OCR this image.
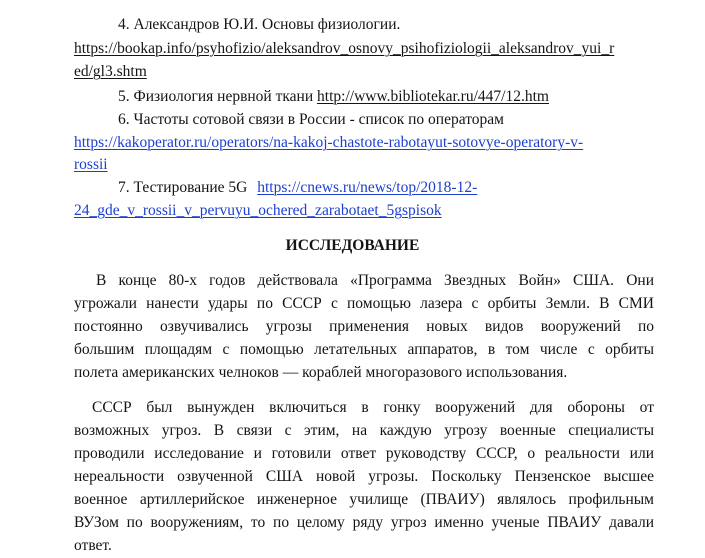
4. Александров Ю.И. Основы физиологии.
https://bookap.info/psyhofizio/aleksandrov_osnovy_psihofiziologii_aleksandrov_yui_r
ed/gl3.shtm
5. Физиология нервной ткани http://www.bibliotekar.ru/447/12.htm
6. Частоты сотовой связи в России - список по операторам
https://kakoperator.ru/operators/na-kakoj-chastote-rabotayut-sotovye-operatory-v-
rossii
7. Тестирование 5G https://cnews.ru/news/top/2018-12-
24_gde_v_rossii_v_pervuyu_ochered_zarabotaet_5gspisok
ИССЛЕДОВАНИЕ
В конце 80-х годов действовала «Программа Звездных Войн» США. Они
угрожали нанести удары по СССР с помощью лазера с орбиты Земли. В СМИ
постоянно озвучивались угрозы применения новых видов вооружений по
большим площадям с помощью летательных аппаратов, в том числе с орбиты
полета американских челноков — кораблей многоразового использования.
СССР был вынужден включиться в гонку вооружений для обороны от
возможных угроз. В связи с этим, на каждую угрозу военные специалисты
проводили исследование и готовили ответ руководству СССР, о реальности или
нереальности озвученной США новой угрозы. Поскольку Пензенское высшее
военное артиллерийское инженерное училище (ПВАИУ) являлось профильным
ВУЗом по вооружениям, то по целому ряду угроз именно ученые ПВАИУ давали
ответ.
